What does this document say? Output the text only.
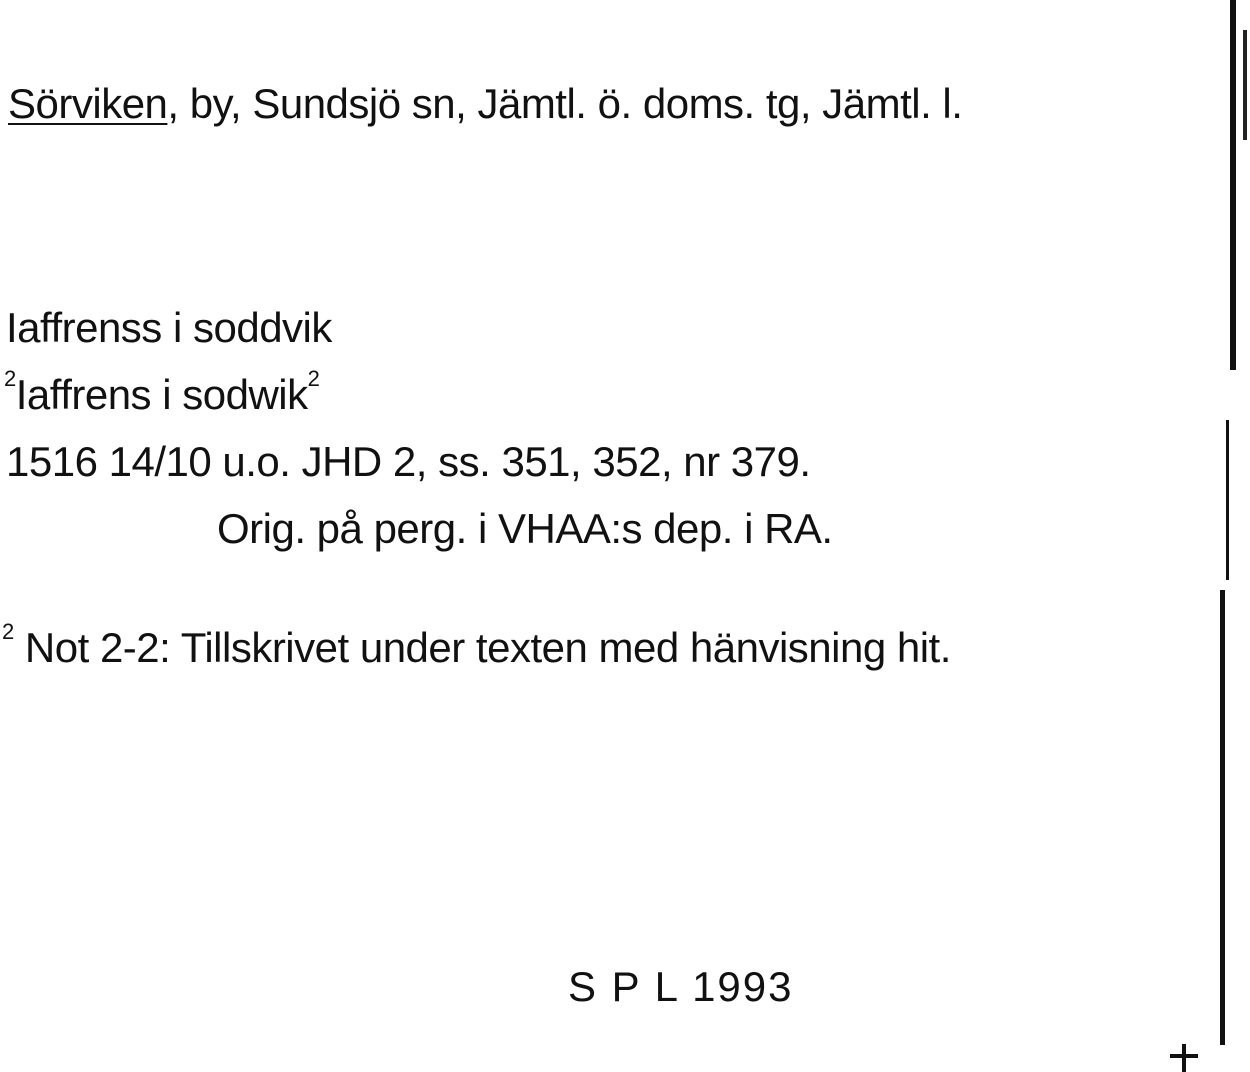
Sörviken, by, Sundsjö sn, Jämtl. ö. doms. tg, Jämtl. l.
Iaffrenss i soddvik
$^2$Iaffrens i sodwik$^2$
1516 14/10 u.o. JHD 2, ss. 351, 352, nr 379.
Orig. på perg. i VHAA:s dep. i RA.
$^2$ Not 2-2: Tillskrivet under texten med hänvisning hit.
S P L 1993
